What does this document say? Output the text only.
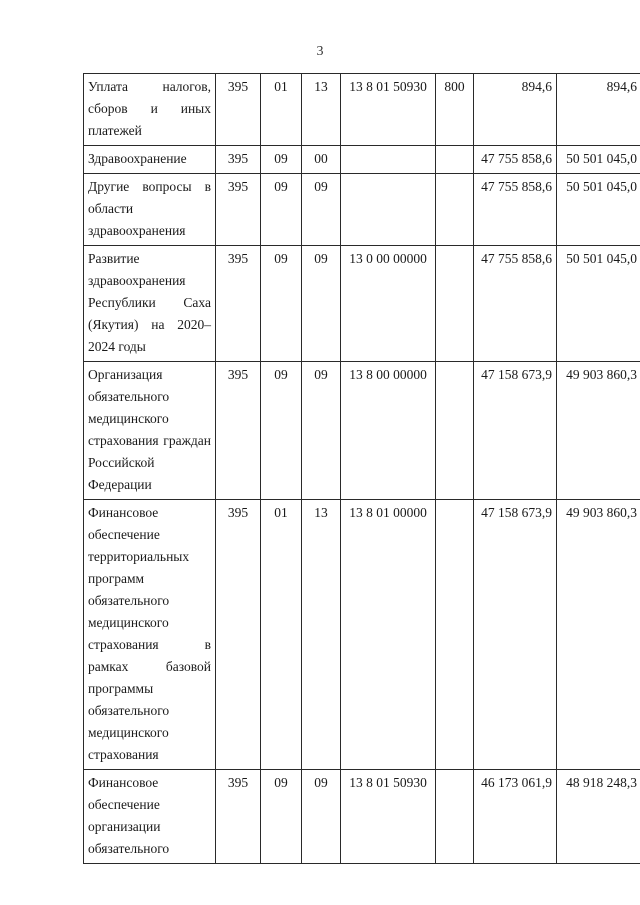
3
Уплата налогов, сборов и иных платежей	395	01	13	13 8 01 50930	800	894,6	894,6
Здравоохранение	395	09	00			47 755 858,6	50 501 045,0
Другие вопросы в области здравоохранения	395	09	09			47 755 858,6	50 501 045,0
Развитие здравоохранения Республики Саха (Якутия) на 2020–2024 годы	395	09	09	13 0 00 00000		47 755 858,6	50 501 045,0
Организация обязательного медицинского страхования граждан Российской Федерации	395	09	09	13 8 00 00000		47 158 673,9	49 903 860,3
Финансовое обеспечение территориальных программ обязательного медицинского страхования в рамках базовой программы обязательного медицинского страхования	395	01	13	13 8 01 00000		47 158 673,9	49 903 860,3
Финансовое обеспечение организации обязательного	395	09	09	13 8 01 50930		46 173 061,9	48 918 248,3
